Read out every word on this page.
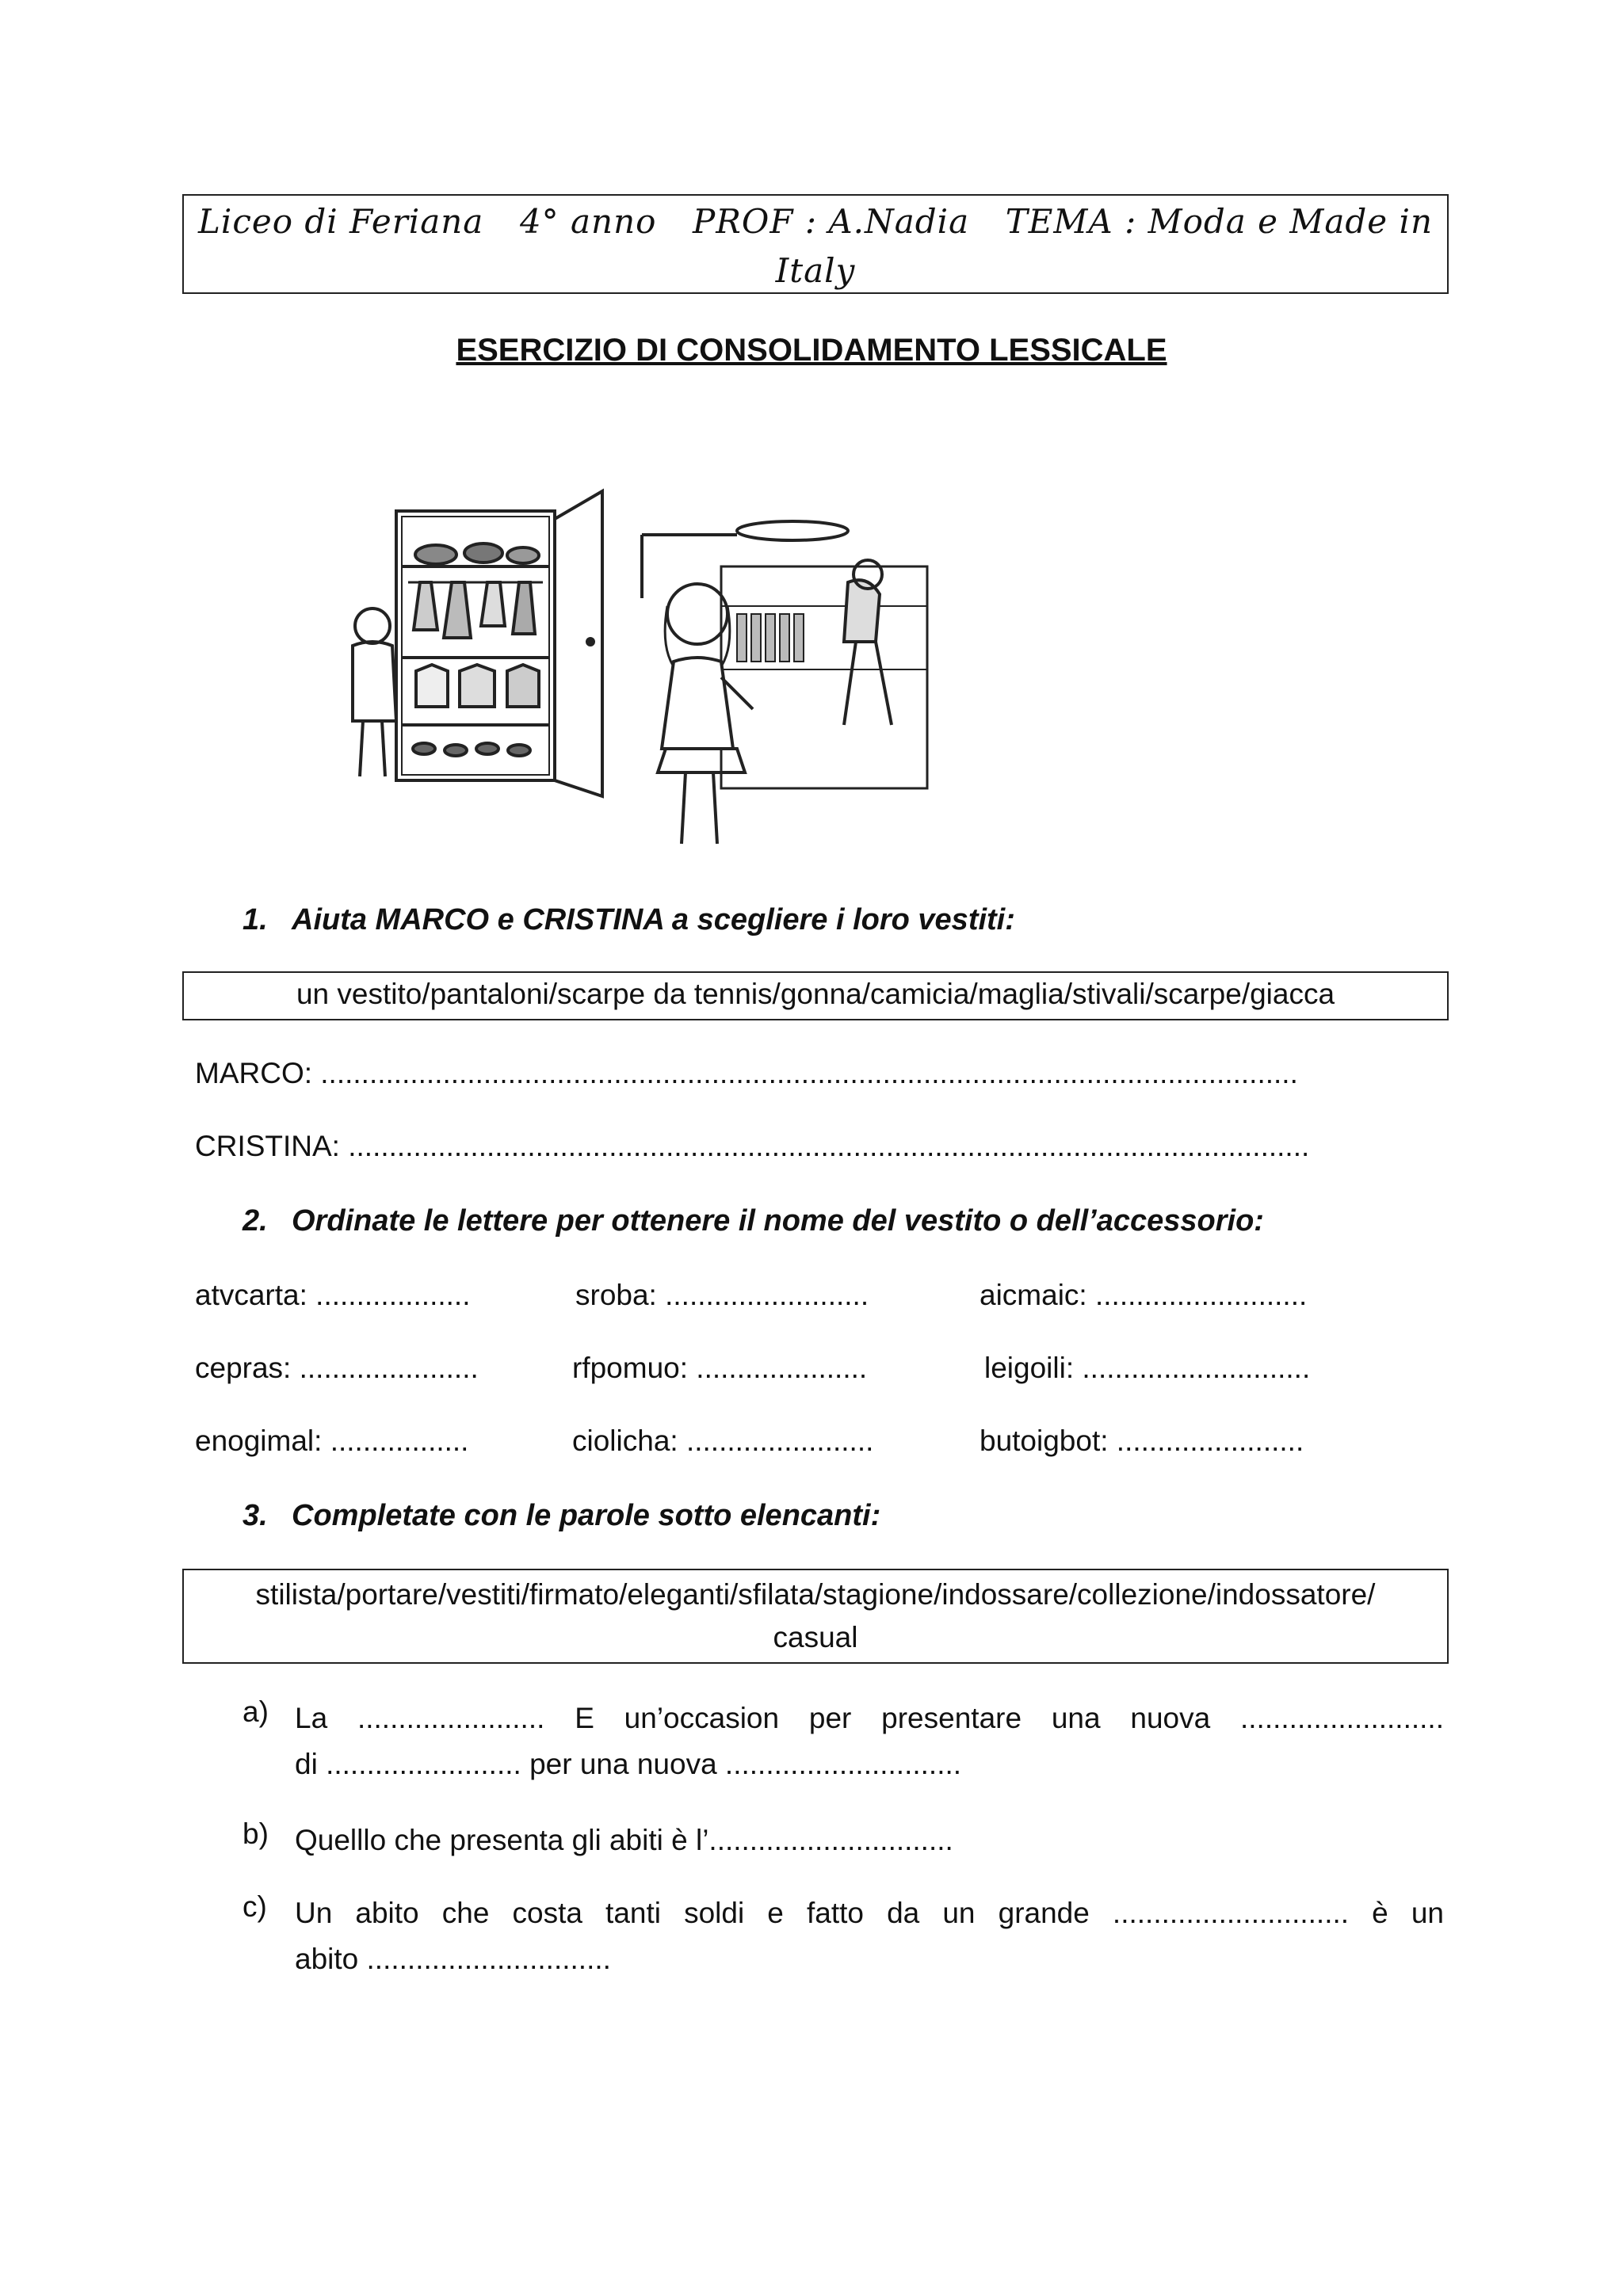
Liceo di Feriana 4° anno PROF : A.Nadia TEMA : Moda e Made in
Italy
ESERCIZIO DI CONSOLIDAMENTO LESSICALE
1. Aiuta MARCO e CRISTINA a scegliere i loro vestiti:
un vestito/pantaloni/scarpe da tennis/gonna/camicia/maglia/stivali/scarpe/giacca
MARCO: ........................................................................................................................
CRISTINA: ......................................................................................................................
2. Ordinate le lettere per ottenere il nome del vestito o dell’accessorio:
atvcarta: ...................	sroba: .........................	aicmaic: ..........................
cepras: ......................	rfpomuo: .....................	leigoili: ............................
enogimal: .................	ciolicha: .......................	butoigbot: .......................
3. Completate con le parole sotto elencanti:
stilista/portare/vestiti/firmato/eleganti/sfilata/stagione/indossare/collezione/indossatore/
casual
a) La ....................... E un’occasion per presentare una nuova .........................
di ........................ per una nuova .............................
b) Quelllo che presenta gli abiti è l’..............................
c) Un abito che costa tanti soldi e fatto da un grande ............................. è un
abito ..............................
